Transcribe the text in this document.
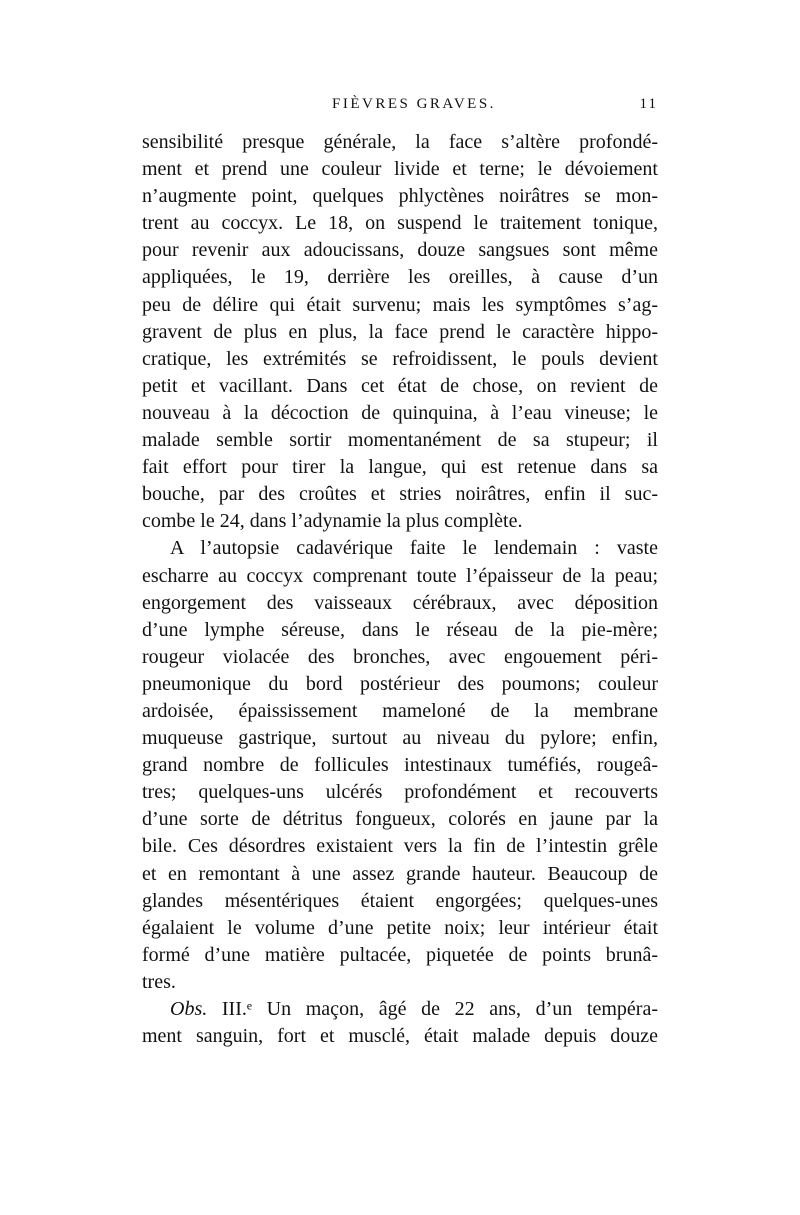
FIÈVRES GRAVES.	11
sensibilité presque générale, la face s’altère profondé-
ment et prend une couleur livide et terne; le dévoiement
n’augmente point, quelques phlyctènes noirâtres se mon-
trent au coccyx. Le 18, on suspend le traitement tonique,
pour revenir aux adoucissans, douze sangsues sont même
appliquées, le 19, derrière les oreilles, à cause d’un
peu de délire qui était survenu; mais les symptômes s’ag-
gravent de plus en plus, la face prend le caractère hippo-
cratique, les extrémités se refroidissent, le pouls devient
petit et vacillant. Dans cet état de chose, on revient de
nouveau à la décoction de quinquina, à l’eau vineuse; le
malade semble sortir momentanément de sa stupeur; il
fait effort pour tirer la langue, qui est retenue dans sa
bouche, par des croûtes et stries noirâtres, enfin il suc-
combe le 24, dans l’adynamie la plus complète.
A l’autopsie cadavérique faite le lendemain : vaste
escharre au coccyx comprenant toute l’épaisseur de la peau;
engorgement des vaisseaux cérébraux, avec déposition
d’une lymphe séreuse, dans le réseau de la pie-mère;
rougeur violacée des bronches, avec engouement péri-
pneumonique du bord postérieur des poumons; couleur
ardoisée, épaississement mameloné de la membrane
muqueuse gastrique, surtout au niveau du pylore; enfin,
grand nombre de follicules intestinaux tuméfiés, rougeâ-
tres; quelques-uns ulcérés profondément et recouverts
d’une sorte de détritus fongueux, colorés en jaune par la
bile. Ces désordres existaient vers la fin de l’intestin grêle
et en remontant à une assez grande hauteur. Beaucoup de
glandes mésentériques étaient engorgées; quelques-unes
égalaient le volume d’une petite noix; leur intérieur était
formé d’une matière pultacée, piquetée de points brunâ-
tres.
Obs. III.ᵉ Un maçon, âgé de 22 ans, d’un tempéra-
ment sanguin, fort et musclé, était malade depuis douze
